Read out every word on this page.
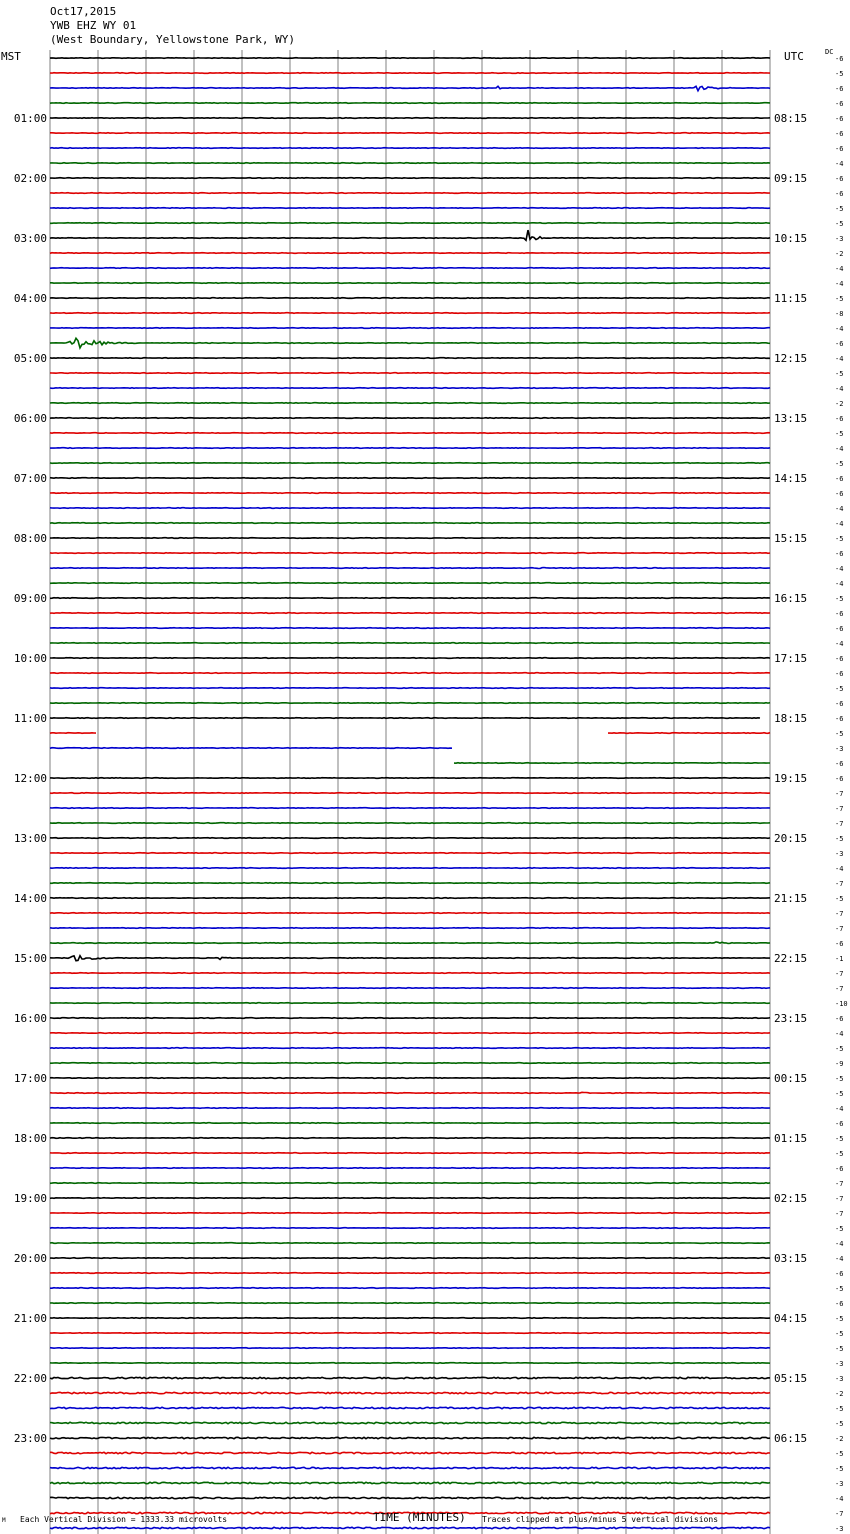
Oct17,2015
YWB EHZ WY 01
(West Boundary, Yellowstone Park, WY)
MST	UTC	DC
-6
-5
-6
-6
-6
-6
-6
-4
-6
-6
-5
-5
-3
-2
-4
-4
-5
-8
-4
-6
-4
-5
-4
-2
-6
-5
-4
-5
-6
-6
-4
-4
-5
-6
-4
-4
-5
-6
-6
-4
-6
-6
-5
-6
-6
-5
-3
-6
-6
-7
-7
-7
-5
-3
-4
-7
-5
-7
-7
-6
-1
-7
-7
-10
-6
-4
-5
-9
-5
-5
-4
-6
-5
-5
-6
-7
-7
-7
-5
-4
-4
-6
-5
-6
-5
-5
-5
-3
-3
-2
-5
-5
-2
-5
-5
-3
-4
-7
-3
01:00	08:15
02:00	09:15
03:00	10:15
04:00	11:15
05:00	12:15
06:00	13:15
07:00	14:15
08:00	15:15
09:00	16:15
10:00	17:15
11:00	18:15
12:00	19:15
13:00	20:15
14:00	21:15
15:00	22:15
16:00	23:15
17:00	00:15
18:00	01:15
19:00	02:15
20:00	03:15
21:00	04:15
22:00	05:15
23:00	06:15
M Each Vertical Division = 1333.33 microvolts	TIME (MINUTES) Traces clipped at plus/minus 5 vertical divisions
